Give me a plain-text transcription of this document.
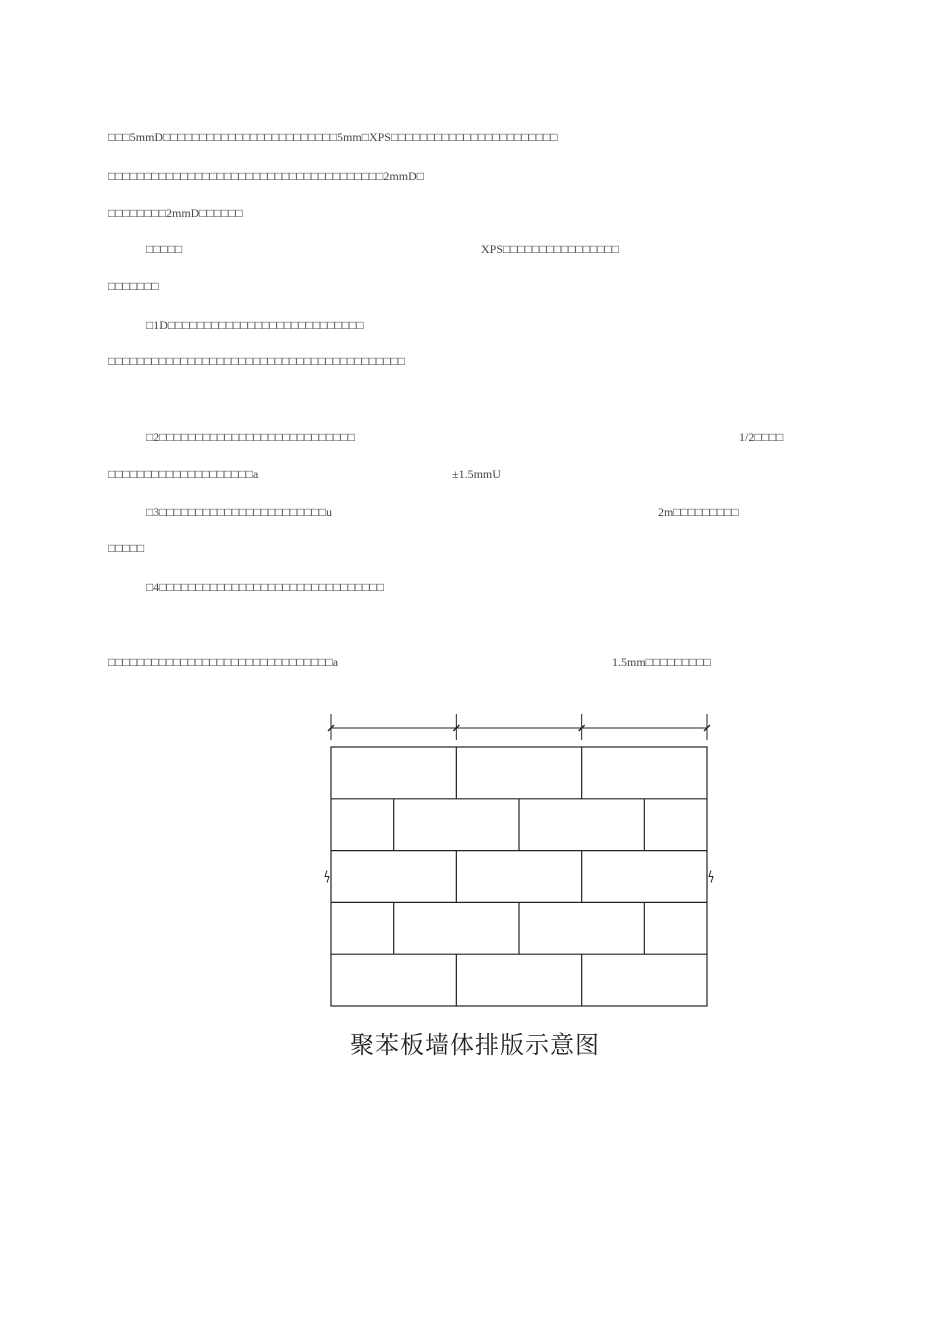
□□□5mmD□□□□□□□□□□□□□□□□□□□□□□□□5mm□XPS□□□□□□□□□□□□□□□□□□□□□□□
□□□□□□□□□□□□□□□□□□□□□□□□□□□□□□□□□□□□□□2mmD□
□□□□□□□□2mmD□□□□□□
□□□□□	XPS□□□□□□□□□□□□□□□□
□□□□□□□
□1D□□□□□□□□□□□□□□□□□□□□□□□□□□□
□□□□□□□□□□□□□□□□□□□□□□□□□□□□□□□□□□□□□□□□□
□2□□□□□□□□□□□□□□□□□□□□□□□□□□□	1/2□□□□
□□□□□□□□□□□□□□□□□□□□a	±1.5mmU
□3□□□□□□□□□□□□□□□□□□□□□□□u	2m□□□□□□□□□
□□□□□
□4□□□□□□□□□□□□□□□□□□□□□□□□□□□□□□□
□□□□□□□□□□□□□□□□□□□□□□□□□□□□□□□a	1.5mm□□□□□□□□□
聚苯板墙体排版示意图
